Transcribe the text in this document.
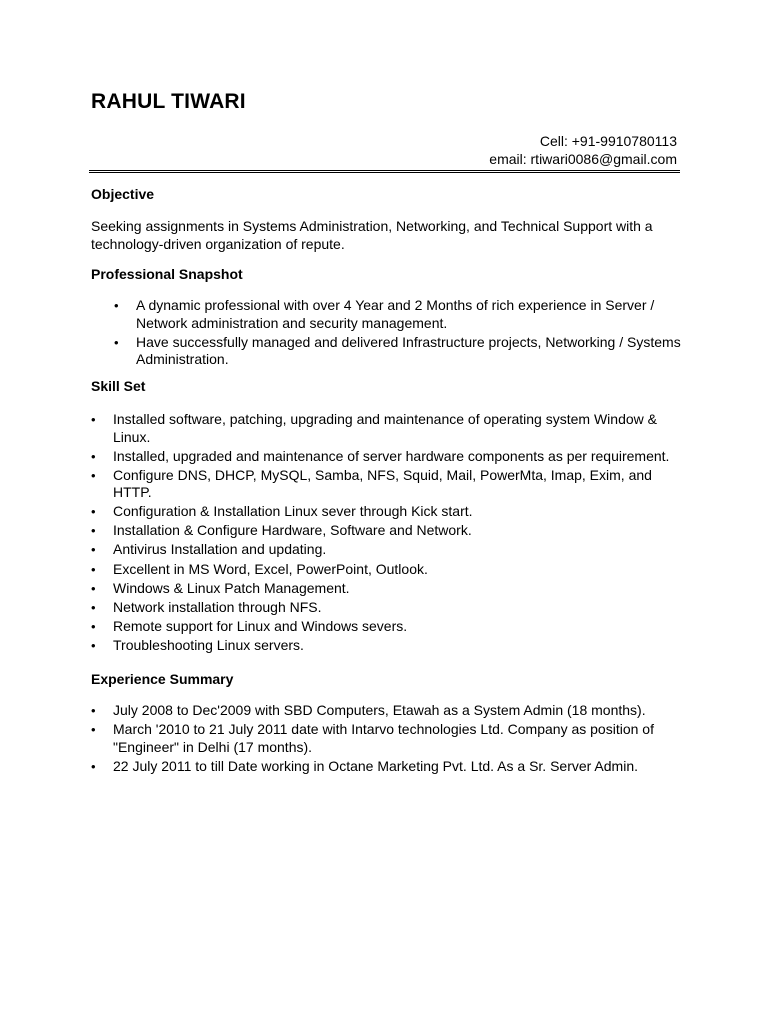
RAHUL TIWARI
Cell: +91-9910780113
email: rtiwari0086@gmail.com
Objective

Seeking assignments in Systems Administration, Networking, and Technical Support with a technology-driven organization of repute.

Professional Snapshot
• A dynamic professional with over 4 Year and 2 Months of rich experience in Server / Network administration and security management.
• Have successfully managed and delivered Infrastructure projects, Networking / Systems Administration.
Skill Set
• Installed software, patching, upgrading and maintenance of operating system Window & Linux.
• Installed, upgraded and maintenance of server hardware components as per requirement.
• Configure DNS, DHCP, MySQL, Samba, NFS, Squid, Mail, PowerMta, Imap, Exim, and HTTP.
• Configuration & Installation Linux sever through Kick start.
• Installation & Configure Hardware, Software and Network.
• Antivirus Installation and updating.
• Excellent in MS Word, Excel, PowerPoint, Outlook.
• Windows & Linux Patch Management.
• Network installation through NFS.
• Remote support for Linux and Windows severs.
• Troubleshooting Linux servers.
Experience Summary
• July 2008 to Dec'2009 with SBD Computers, Etawah as a System Admin (18 months).
• March '2010 to 21 July 2011 date with Intarvo technologies Ltd. Company as position of "Engineer" in Delhi (17 months).
• 22 July 2011 to till Date working in Octane Marketing Pvt. Ltd. As a Sr. Server Admin.
